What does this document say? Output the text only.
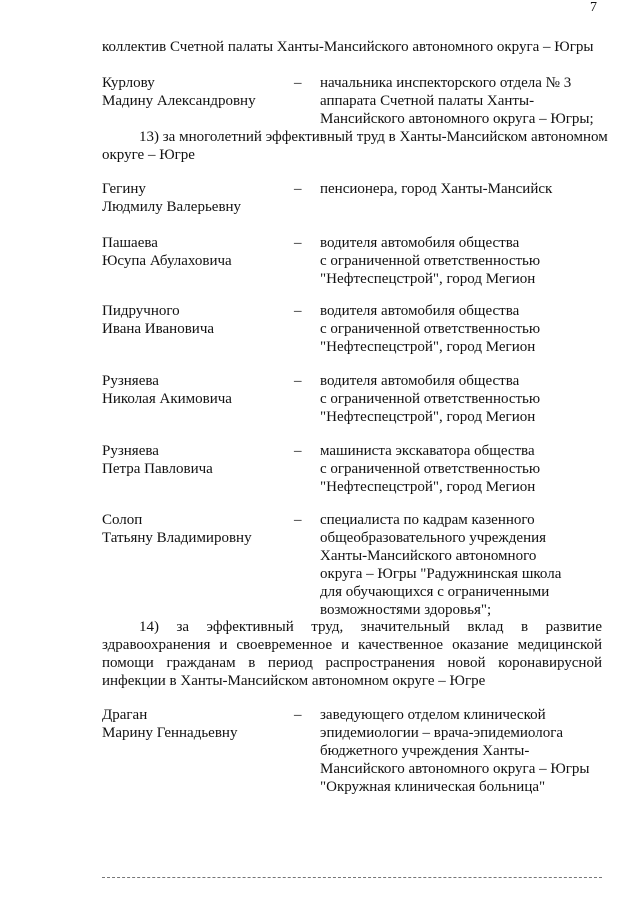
7
коллектив Счетной палаты Ханты-Мансийского автономного округа – Югры
Курлову
Мадину Александровну
– начальника инспекторского отдела № 3
аппарата Счетной палаты Ханты-
Мансийского автономного округа – Югры;
13) за многолетний эффективный труд в Ханты-Мансийском автономном
округе – Югре
Гегину
Людмилу Валерьевну
– пенсионера, город Ханты-Мансийск
Пашаева
Юсупа Абулаховича
– водителя автомобиля общества
с ограниченной ответственностью
"Нефтеспецстрой", город Мегион
Пидручного
Ивана Ивановича
– водителя автомобиля общества
с ограниченной ответственностью
"Нефтеспецстрой", город Мегион
Рузняева
Николая Акимовича
– водителя автомобиля общества
с ограниченной ответственностью
"Нефтеспецстрой", город Мегион
Рузняева
Петра Павловича
– машиниста экскаватора общества
с ограниченной ответственностью
"Нефтеспецстрой", город Мегион
Солоп
Татьяну Владимировну
– специалиста по кадрам казенного
общеобразовательного учреждения
Ханты-Мансийского автономного
округа – Югры "Радужнинская школа
для обучающихся с ограниченными
возможностями здоровья";
14) за эффективный труд, значительный вклад в развитие
здравоохранения и своевременное и качественное оказание медицинской
помощи гражданам в период распространения новой коронавирусной
инфекции в Ханты-Мансийском автономном округе – Югре
Драган
Марину Геннадьевну
– заведующего отделом клинической
эпидемиологии – врача-эпидемиолога
бюджетного учреждения Ханты-
Мансийского автономного округа – Югры
"Окружная клиническая больница"
